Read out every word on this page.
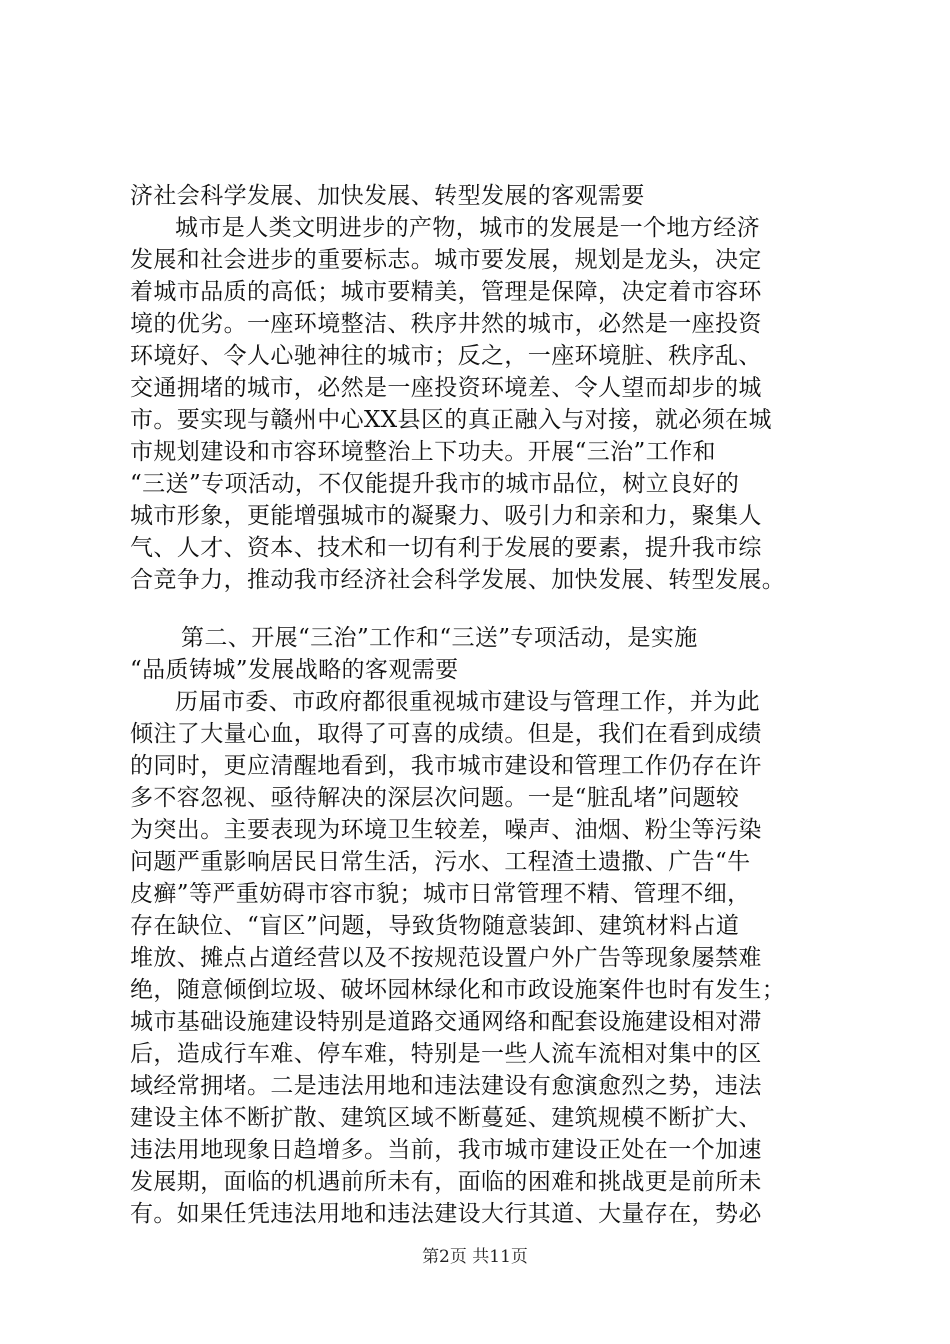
济社会科学发展、加快发展、转型发展的客观需要
城市是人类文明进步的产物，城市的发展是一个地方经济
发展和社会进步的重要标志。城市要发展，规划是龙头，决定
着城市品质的高低；城市要精美，管理是保障，决定着市容环
境的优劣。一座环境整洁、秩序井然的城市，必然是一座投资
环境好、令人心驰神往的城市；反之，一座环境脏、秩序乱、
交通拥堵的城市，必然是一座投资环境差、令人望而却步的城
市。要实现与赣州中心XX县区的真正融入与对接，就必须在城
市规划建设和市容环境整治上下功夫。开展“三治”工作和
“三送”专项活动，不仅能提升我市的城市品位，树立良好的
城市形象，更能增强城市的凝聚力、吸引力和亲和力，聚集人
气、人才、资本、技术和一切有利于发展的要素，提升我市综
合竞争力，推动我市经济社会科学发展、加快发展、转型发展。
第二、开展“三治”工作和“三送”专项活动，是实施
“品质铸城”发展战略的客观需要
历届市委、市政府都很重视城市建设与管理工作，并为此
倾注了大量心血，取得了可喜的成绩。但是，我们在看到成绩
的同时，更应清醒地看到，我市城市建设和管理工作仍存在许
多不容忽视、亟待解决的深层次问题。一是“脏乱堵”问题较
为突出。主要表现为环境卫生较差，噪声、油烟、粉尘等污染
问题严重影响居民日常生活，污水、工程渣土遗撒、广告“牛
皮癣”等严重妨碍市容市貌；城市日常管理不精、管理不细，
存在缺位、“盲区”问题，导致货物随意装卸、建筑材料占道
堆放、摊点占道经营以及不按规范设置户外广告等现象屡禁难
绝，随意倾倒垃圾、破坏园林绿化和市政设施案件也时有发生；
城市基础设施建设特别是道路交通网络和配套设施建设相对滞
后，造成行车难、停车难，特别是一些人流车流相对集中的区
域经常拥堵。二是违法用地和违法建设有愈演愈烈之势，违法
建设主体不断扩散、建筑区域不断蔓延、建筑规模不断扩大、
违法用地现象日趋增多。当前，我市城市建设正处在一个加速
发展期，面临的机遇前所未有，面临的困难和挑战更是前所未
有。如果任凭违法用地和违法建设大行其道、大量存在，势必
第2页 共11页
